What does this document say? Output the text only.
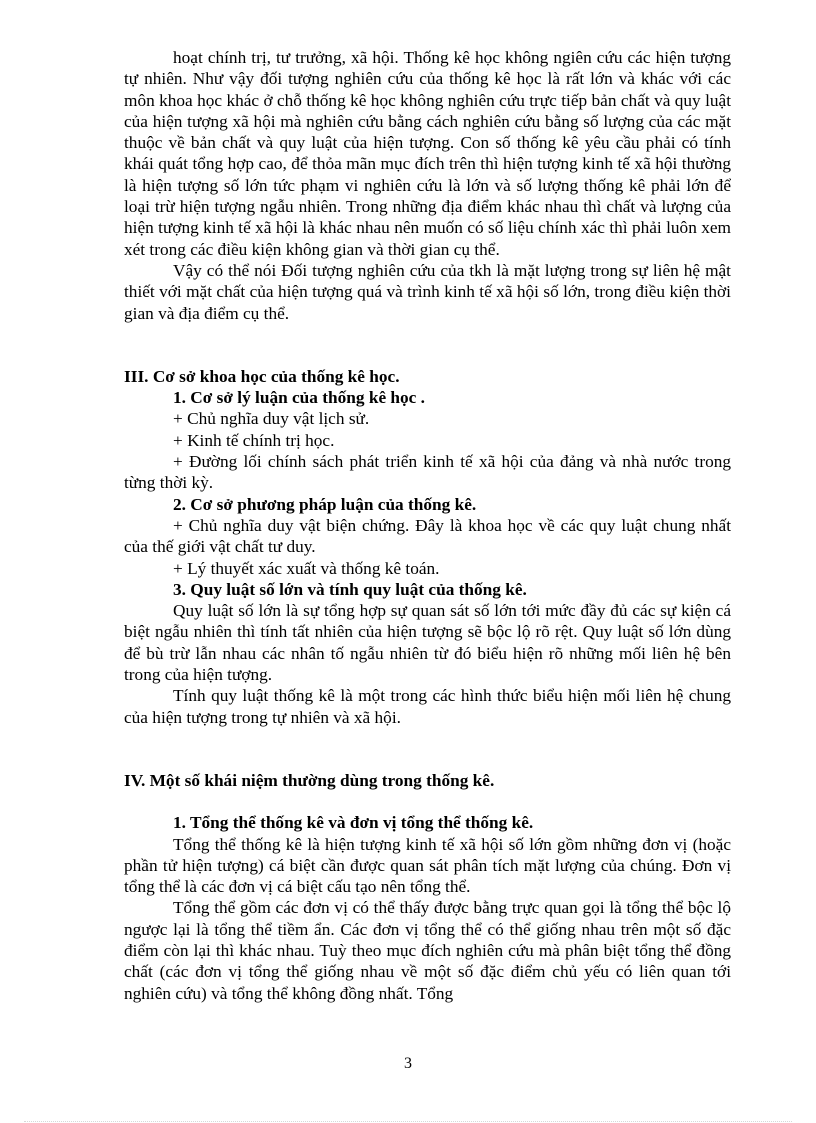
hoạt chính trị, tư trưởng, xã hội. Thống kê học không ngiên cứu các hiện tượng tự nhiên. Như vậy đối tượng nghiên cứu của thống kê học là rất lớn và khác với các môn khoa học khác ở chỗ thống kê học không nghiên cứu trực tiếp bản chất và quy luật của hiện tượng xã hội mà nghiên cứu bằng cách nghiên cứu bằng số lượng của các mặt thuộc về bản chất và quy luật của hiện tượng. Con số thống kê yêu cầu phải có tính khái quát tổng hợp cao, để thỏa mãn mục đích trên thì hiện tượng kinh tế xã hội thường là hiện tượng số lớn tức phạm vi nghiên cứu là lớn và số lượng thống kê phải lớn để loại trừ hiện tượng ngẫu nhiên. Trong những địa điểm khác nhau thì chất và lượng của hiện tượng kinh tế xã hội là khác nhau nên muốn có số liệu chính xác thì phải luôn xem xét trong các điều kiện không gian và thời gian cụ thể.

Vậy có thể nói Đối tượng nghiên cứu của tkh là mặt lượng trong sự liên hệ mật thiết với mặt chất của hiện tượng quá và trình kinh tế xã hội số lớn, trong điều kiện thời gian và địa điểm cụ thể.

III. Cơ sở khoa học của thống kê học.

1. Cơ sở lý luận của thống kê học .

+ Chủ nghĩa duy vật lịch sử.

+ Kinh tế chính trị học.

+ Đường lối chính sách phát triển kinh tế xã hội của đảng và nhà nước trong từng thời kỳ.

2. Cơ sở phương pháp luận của thống kê.

+ Chủ nghĩa duy vật biện chứng. Đây là khoa học về các quy luật chung nhất của thế giới vật chất tư duy.

+ Lý thuyết xác xuất và thống kê toán.

3. Quy luật số lớn và tính quy luật của thống kê.

Quy luật số lớn là sự tổng hợp sự quan sát số lớn tới mức đầy đủ các sự kiện cá biệt ngẫu nhiên thì tính tất nhiên của hiện tượng sẽ bộc lộ rõ rệt. Quy luật số lớn dùng để bù trừ lẫn nhau các nhân tố ngẫu nhiên từ đó biểu hiện rõ những mối liên hệ bên trong của hiện tượng.

Tính quy luật thống kê là một trong các hình thức biểu hiện mối liên hệ chung của hiện tượng trong tự nhiên và xã hội.

IV. Một số khái niệm thường dùng trong thống kê.

1. Tổng thể thống kê và đơn vị tổng thể thống kê.

Tổng thể thống kê là hiện tượng kinh tế xã hội số lớn gồm những đơn vị (hoặc phần tử hiện tượng) cá biệt cần được quan sát phân tích mặt lượng của chúng. Đơn vị tổng thể là các đơn vị cá biệt cấu tạo nên tổng thể.

Tổng thể gồm các đơn vị có thể thấy được bằng trực quan gọi là tổng thể bộc lộ ngược lại là tổng thể tiềm ẩn. Các đơn vị tổng thể có thể giống nhau trên một số đặc điểm còn lại thì khác nhau. Tuỳ theo mục đích nghiên cứu mà phân biệt tổng thể đồng chất (các đơn vị tổng thể giống nhau về một số đặc điểm chủ yếu có liên quan tới nghiên cứu) và tổng thể không đồng nhất. Tổng

3
